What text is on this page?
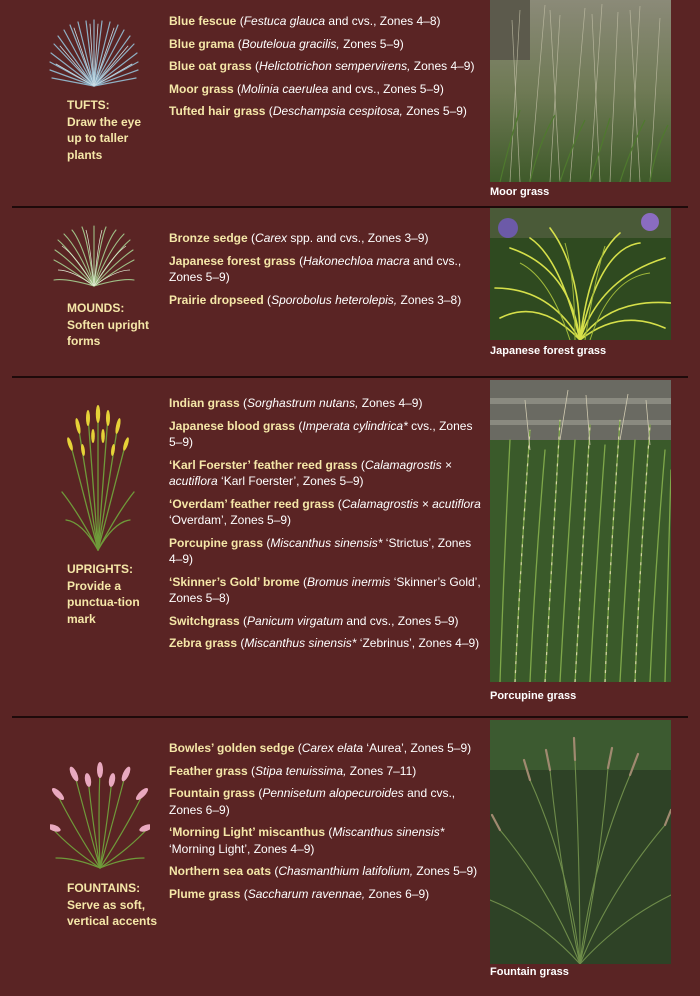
TUFTS:
Draw the eye up to taller plants
Blue fescue (Festuca glauca and cvs., Zones 4–8)
Blue grama (Bouteloua gracilis, Zones 5–9)
Blue oat grass (Helictotrichon sempervirens, Zones 4–9)
Moor grass (Molinia caerulea and cvs., Zones 5–9)
Tufted hair grass (Deschampsia cespitosa, Zones 5–9)
Moor grass
MOUNDS:
Soften upright forms
Bronze sedge (Carex spp. and cvs., Zones 3–9)
Japanese forest grass (Hakonechloa macra and cvs., Zones 5–9)
Prairie dropseed (Sporobolus heterolepis, Zones 3–8)
Japanese forest grass
UPRIGHTS:
Provide a punctua-tion mark
Indian grass (Sorghastrum nutans, Zones 4–9)
Japanese blood grass (Imperata cylindrica* cvs., Zones 5–9)
‘Karl Foerster’ feather reed grass (Calamagrostis × acutiflora ‘Karl Foerster’, Zones 5–9)
‘Overdam’ feather reed grass (Calamagrostis × acutiflora ‘Overdam’, Zones 5–9)
Porcupine grass (Miscanthus sinensis* ‘Strictus’, Zones 4–9)
‘Skinner’s Gold’ brome (Bromus inermis ‘Skinner’s Gold’, Zones 5–8)
Switchgrass (Panicum virgatum and cvs., Zones 5–9)
Zebra grass (Miscanthus sinensis* ‘Zebrinus’, Zones 4–9)
Porcupine grass
FOUNTAINS:
Serve as soft, vertical accents
Bowles’ golden sedge (Carex elata ‘Aurea’, Zones 5–9)
Feather grass (Stipa tenuissima, Zones 7–11)
Fountain grass (Pennisetum alopecuroides and cvs., Zones 6–9)
‘Morning Light’ miscanthus (Miscanthus sinensis* ‘Morning Light’, Zones 4–9)
Northern sea oats (Chasmanthium latifolium, Zones 5–9)
Plume grass (Saccharum ravennae, Zones 6–9)
Fountain grass
